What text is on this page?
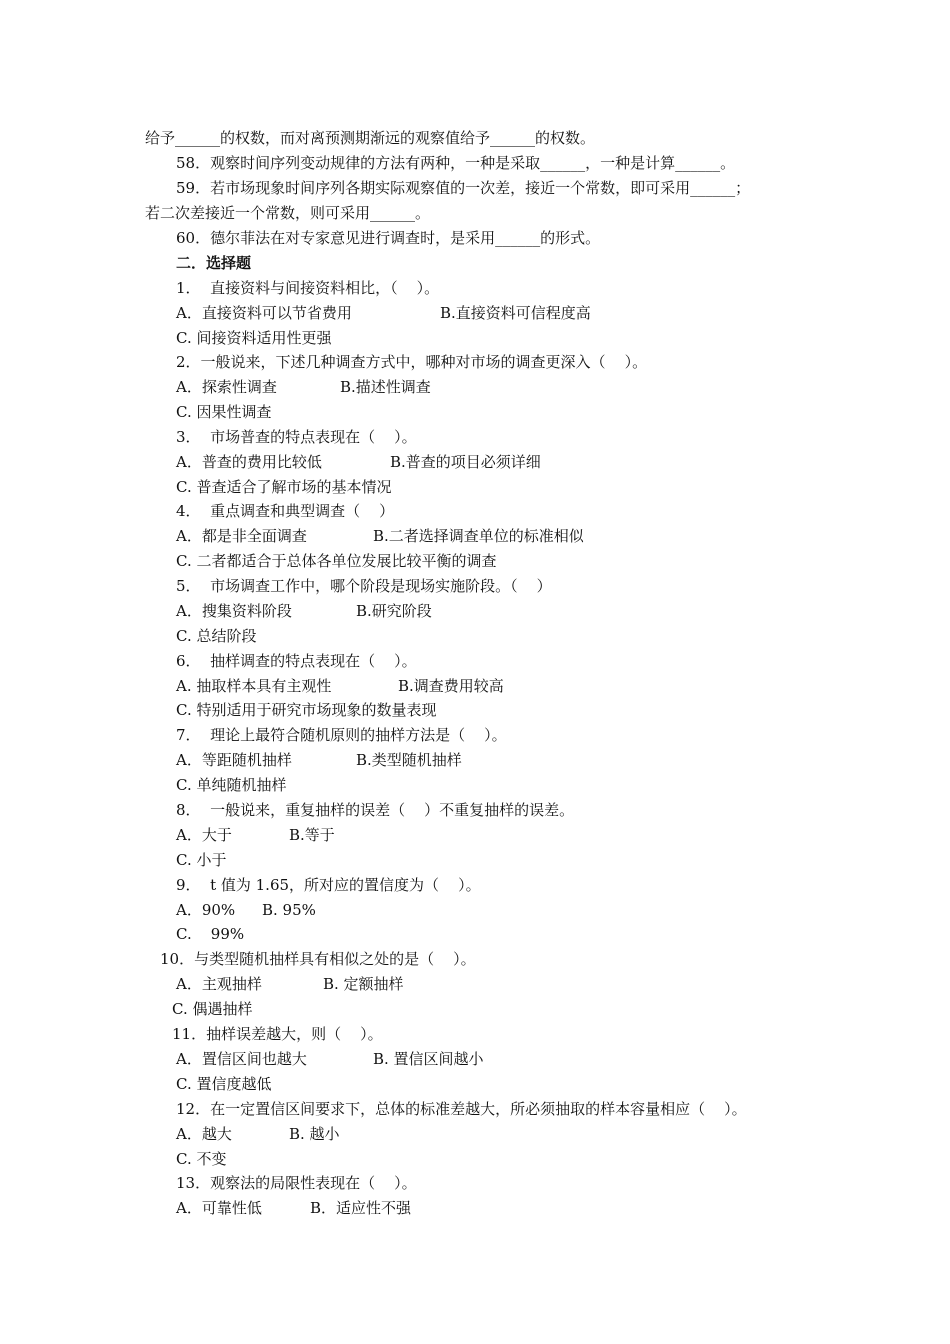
给予______的权数，而对离预测期渐远的观察值给予______的权数。
58．观察时间序列变动规律的方法有两种，一种是采取______，一种是计算______。
59．若市场现象时间序列各期实际观察值的一次差，接近一个常数，即可采用______；
若二次差接近一个常数，则可采用______。
60．德尔菲法在对专家意见进行调查时，是采用______的形式。
二．选择题
1．  直接资料与间接资料相比，（    ）。
A．直接资料可以节省费用	B.直接资料可信程度高
C. 间接资料适用性更强
2．一般说来，下述几种调查方式中，哪种对市场的调查更深入（    ）。
A．探索性调查	B.描述性调查
C. 因果性调查
3．  市场普查的特点表现在（    ）。
A．普查的费用比较低	B.普查的项目必须详细
C. 普查适合了解市场的基本情况
4．  重点调查和典型调查（    ）
A．都是非全面调查	B.二者选择调查单位的标准相似
C. 二者都适合于总体各单位发展比较平衡的调查
5．  市场调查工作中，哪个阶段是现场实施阶段。（    ）
A．搜集资料阶段	B.研究阶段
C. 总结阶段
6．  抽样调查的特点表现在（    ）。
A. 抽取样本具有主观性	B.调查费用较高
C. 特别适用于研究市场现象的数量表现
7．  理论上最符合随机原则的抽样方法是（    ）。
A．等距随机抽样	B.类型随机抽样
C. 单纯随机抽样
8．  一般说来，重复抽样的误差（    ）不重复抽样的误差。
A．大于	B.等于
C. 小于
9．  t 值为 1.65，所对应的置信度为（    ）。
A．90% B. 95%
C.    99%
10．与类型随机抽样具有相似之处的是（    ）。
A．主观抽样	B. 定额抽样
C. 偶遇抽样
11．抽样误差越大，则（    ）。
A．置信区间也越大	B. 置信区间越小
C. 置信度越低
12．在一定置信区间要求下，总体的标准差越大，所必须抽取的样本容量相应（    ）。
A．越大	B. 越小
C. 不变
13．观察法的局限性表现在（    ）。
A．可靠性低	B．适应性不强
